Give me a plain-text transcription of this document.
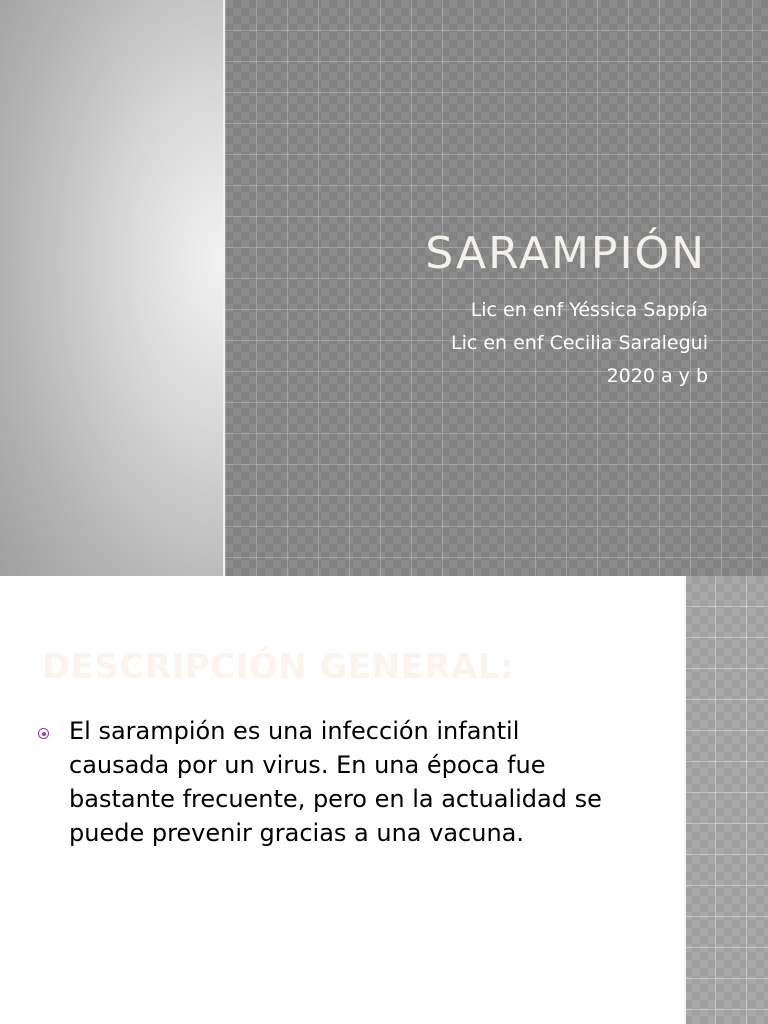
SARAMPIÓN
Lic en enf Yéssica Sappía
Lic en enf Cecilia Saralegui
2020 a y b
DESCRIPCIÓN GENERAL:
El sarampión es una infección infantil
causada por un virus. En una época fue
bastante frecuente, pero en la actualidad se
puede prevenir gracias a una vacuna.
